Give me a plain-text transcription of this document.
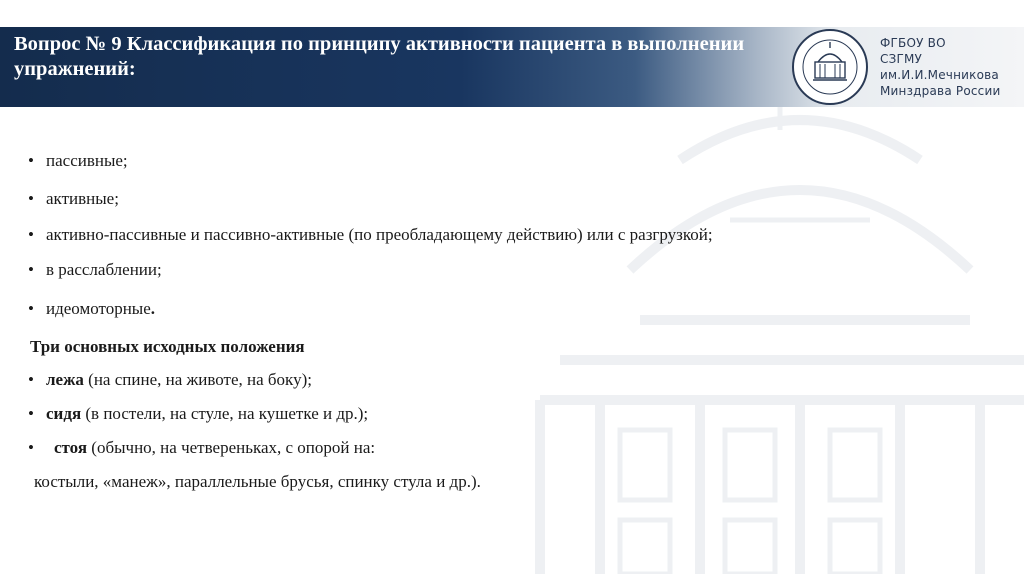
Вопрос № 9 Классификация по принципу активности пациента в выполнении упражнений:
ФГБОУ ВО
СЗГМУ
им.И.И.Мечникова
Минздрава России
• пассивные;
• активные;
• активно-пассивные и пассивно-активные (по преобладающему действию) или с разгрузкой;
• в расслаблении;
• идеомоторные.
Три основных исходных положения
• лежа (на спине, на животе, на боку);
• сидя (в постели, на стуле, на кушетке и др.);
• стоя (обычно, на четвереньках, с опорой на:
костыли, «манеж», параллельные брусья, спинку стула и др.).
